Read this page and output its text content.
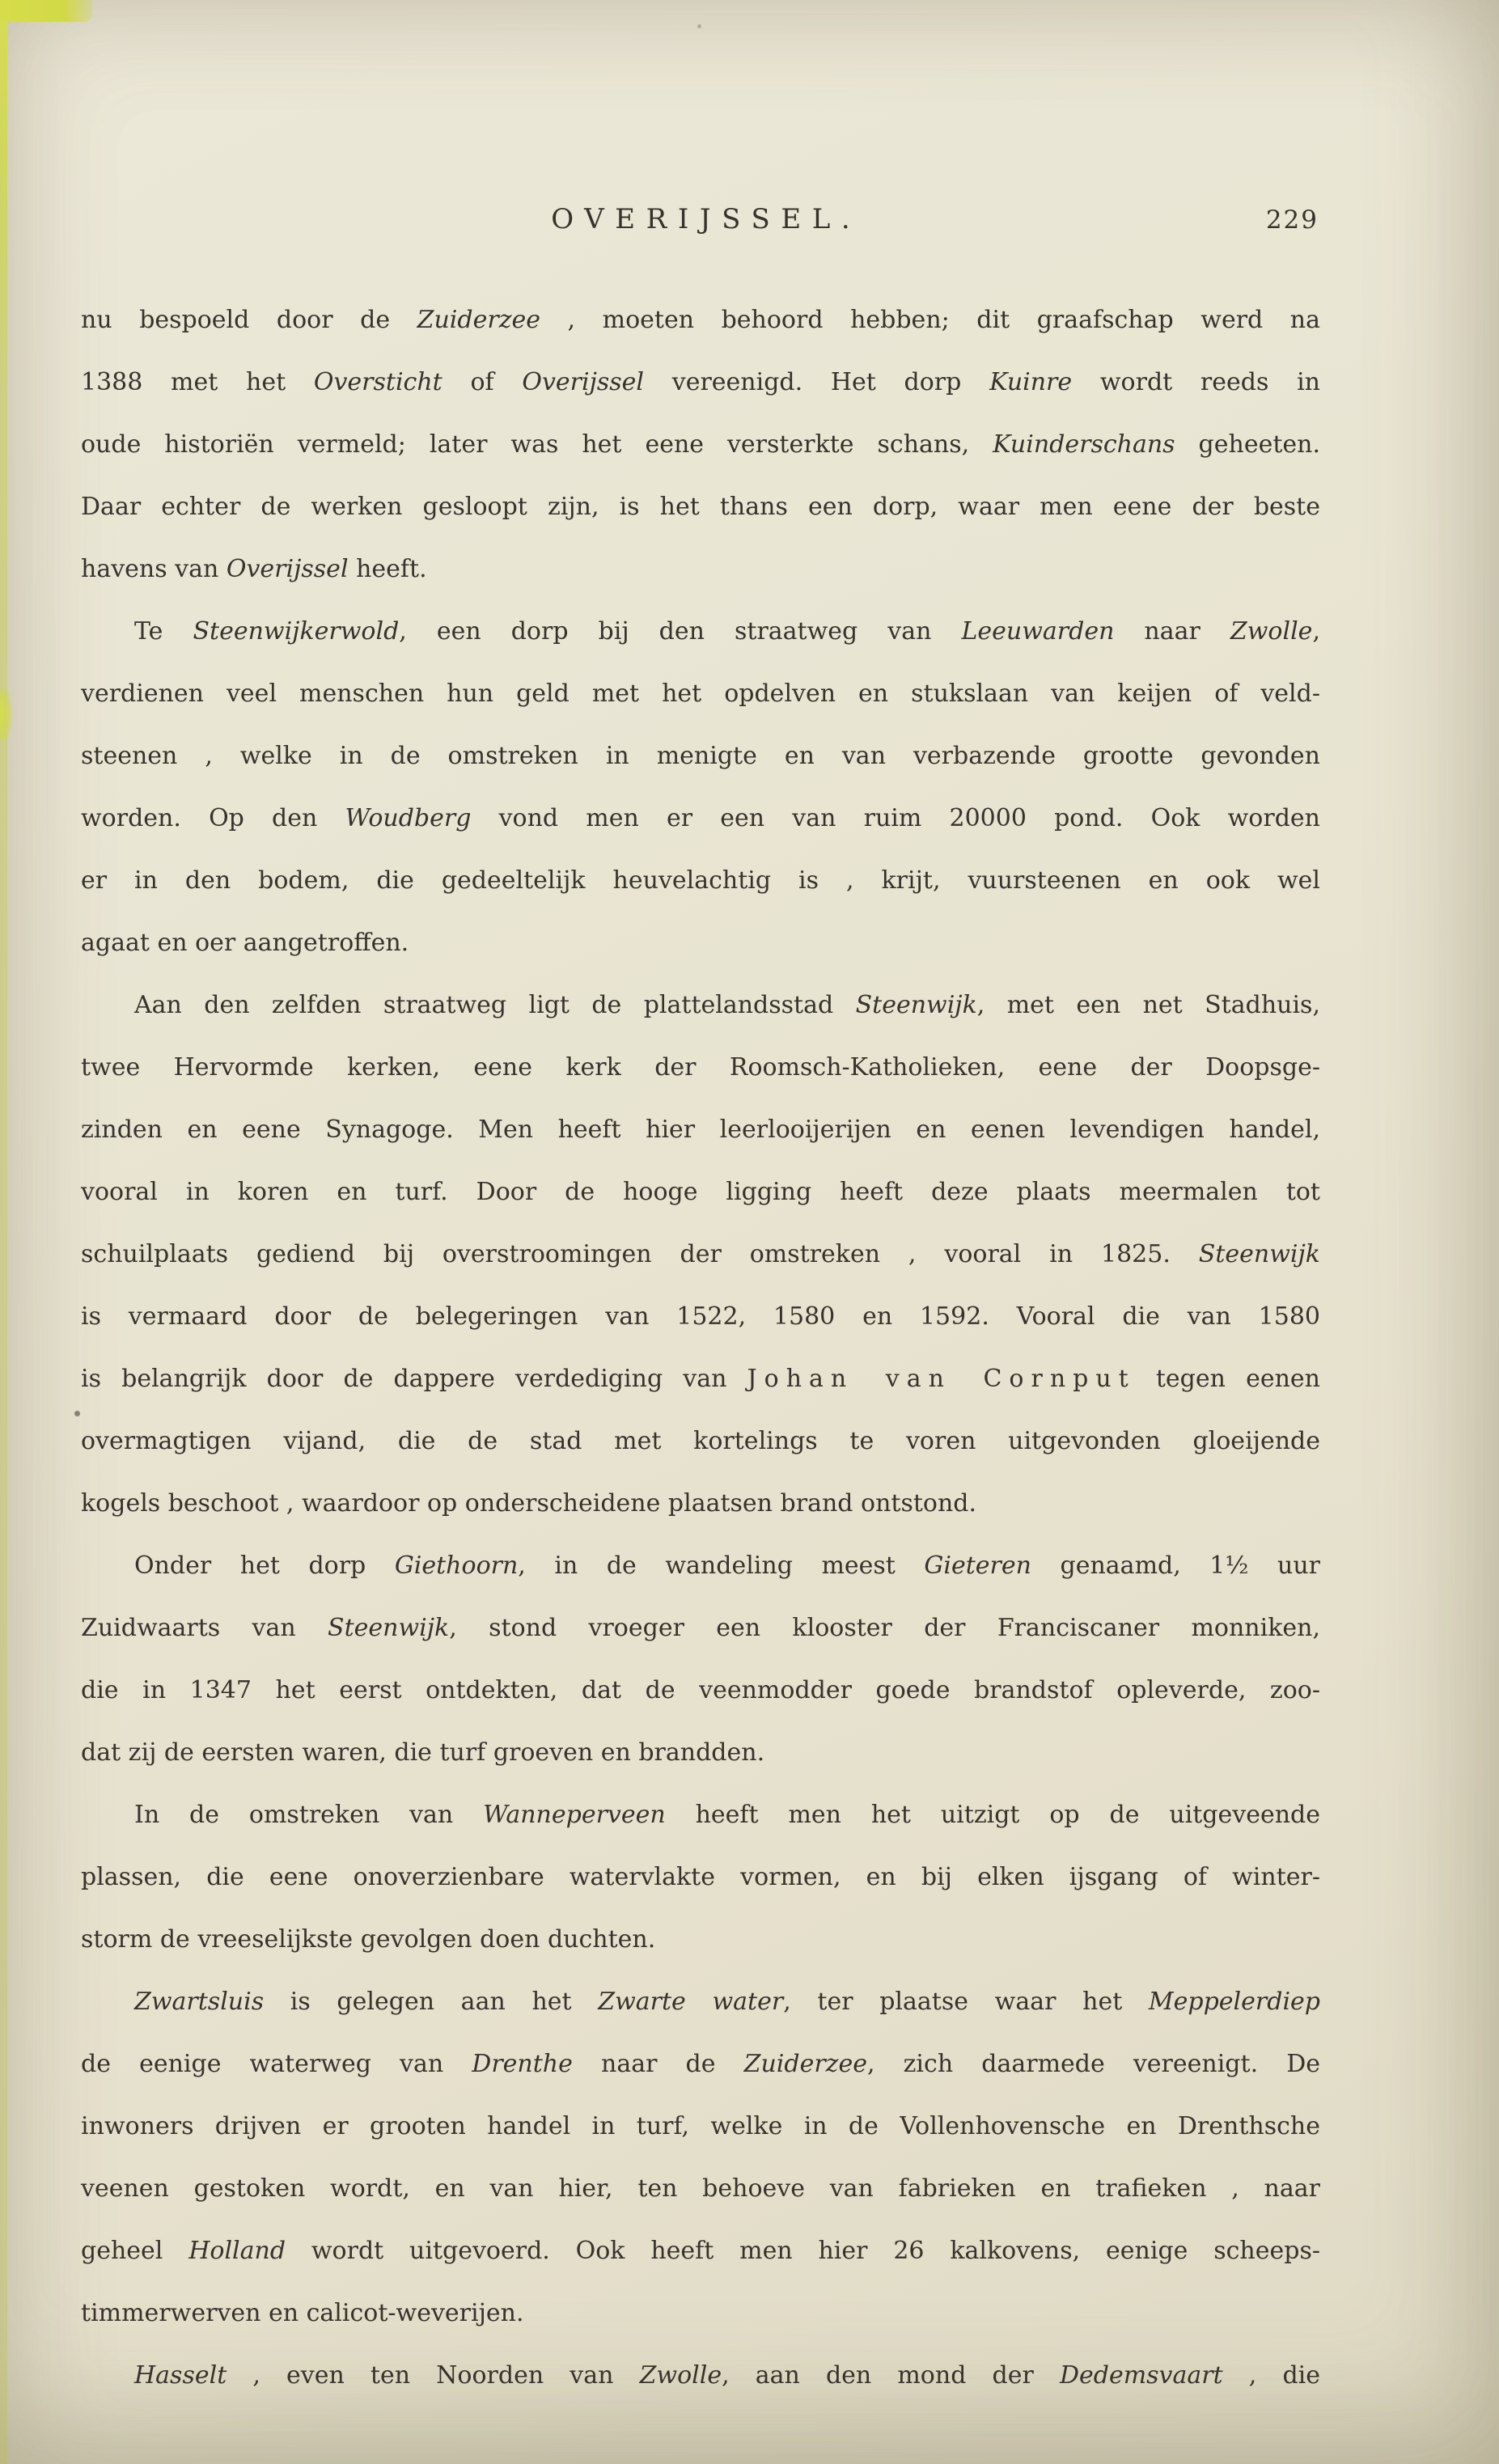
OVERIJSSEL.	229
nu bespoeld door de Zuiderzee , moeten behoord hebben; dit graafschap werd na
1388 met het Oversticht of Overijssel vereenigd. Het dorp Kuinre wordt reeds in
oude historiën vermeld; later was het eene versterkte schans, Kuinderschans geheeten.
Daar echter de werken gesloopt zijn, is het thans een dorp, waar men eene der beste
havens van Overijssel heeft.
Te Steenwijkerwold, een dorp bij den straatweg van Leeuwarden naar Zwolle,
verdienen veel menschen hun geld met het opdelven en stukslaan van keijen of veld-
steenen , welke in de omstreken in menigte en van verbazende grootte gevonden
worden. Op den Woudberg vond men er een van ruim 20000 pond. Ook worden
er in den bodem, die gedeeltelijk heuvelachtig is , krijt, vuursteenen en ook wel
agaat en oer aangetroffen.
Aan den zelfden straatweg ligt de plattelandsstad Steenwijk, met een net Stadhuis,
twee Hervormde kerken, eene kerk der Roomsch-Katholieken, eene der Doopsge-
zinden en eene Synagoge. Men heeft hier leerlooijerijen en eenen levendigen handel,
vooral in koren en turf. Door de hooge ligging heeft deze plaats meermalen tot
schuilplaats gediend bij overstroomingen der omstreken , vooral in 1825. Steenwijk
is vermaard door de belegeringen van 1522, 1580 en 1592. Vooral die van 1580
is belangrijk door de dappere verdediging van Johan van Cornput tegen eenen
overmagtigen vijand, die de stad met kortelings te voren uitgevonden gloeijende
kogels beschoot , waardoor op onderscheidene plaatsen brand ontstond.
Onder het dorp Giethoorn, in de wandeling meest Gieteren genaamd, 1½ uur
Zuidwaarts van Steenwijk, stond vroeger een klooster der Franciscaner monniken,
die in 1347 het eerst ontdekten, dat de veenmodder goede brandstof opleverde, zoo-
dat zij de eersten waren, die turf groeven en brandden.
In de omstreken van Wanneperveen heeft men het uitzigt op de uitgeveende
plassen, die eene onoverzienbare watervlakte vormen, en bij elken ijsgang of winter-
storm de vreeselijkste gevolgen doen duchten.
Zwartsluis is gelegen aan het Zwarte water, ter plaatse waar het Meppelerdiep
de eenige waterweg van Drenthe naar de Zuiderzee, zich daarmede vereenigt. De
inwoners drijven er grooten handel in turf, welke in de Vollenhovensche en Drenthsche
veenen gestoken wordt, en van hier, ten behoeve van fabrieken en trafieken , naar
geheel Holland wordt uitgevoerd. Ook heeft men hier 26 kalkovens, eenige scheeps-
timmerwerven en calicot-weverijen.
Hasselt , even ten Noorden van Zwolle, aan den mond der Dedemsvaart , die
